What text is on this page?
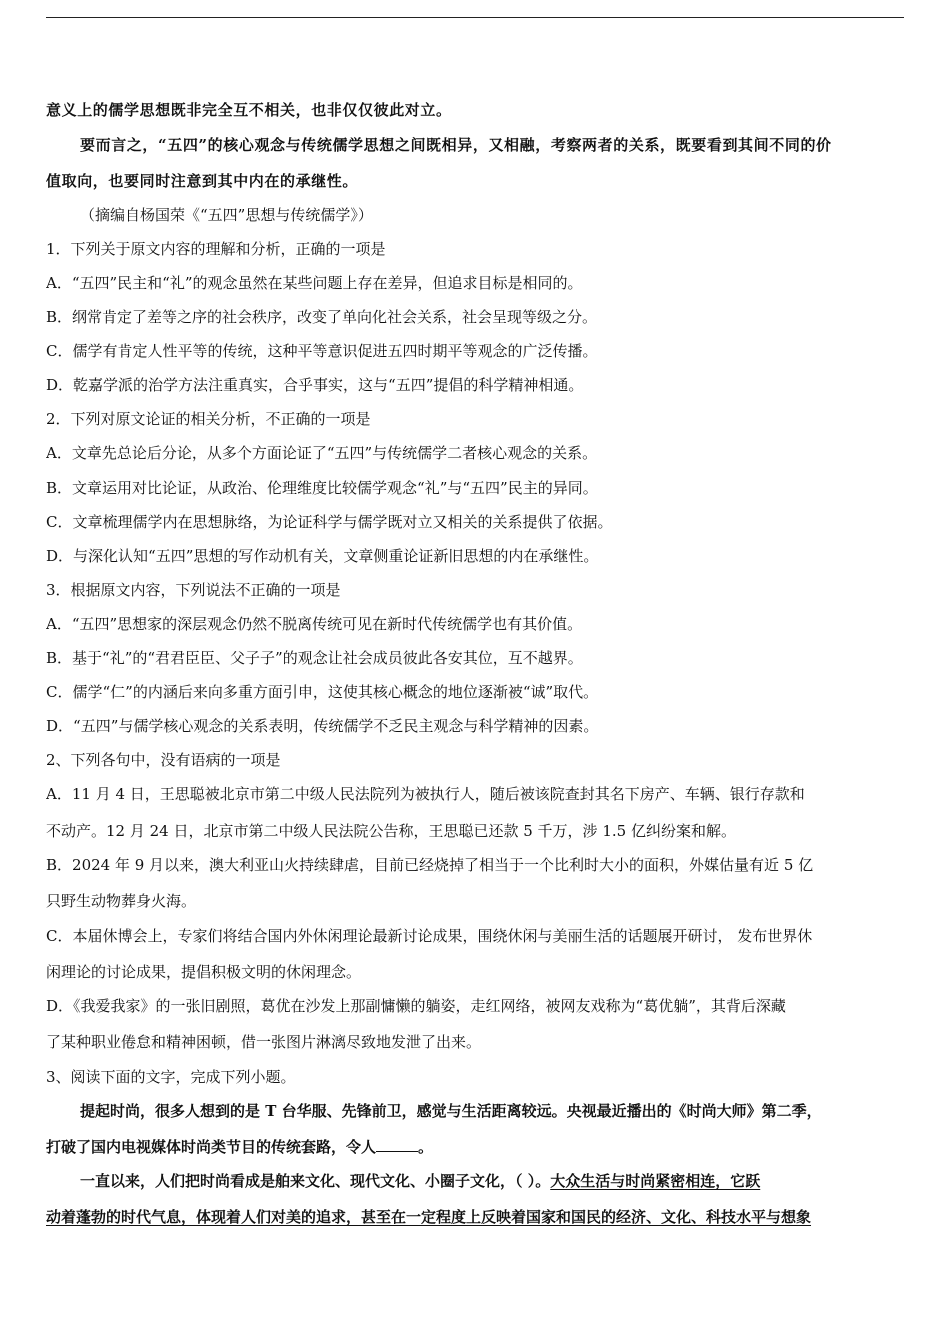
意义上的儒学思想既非完全互不相关，也非仅仅彼此对立。
要而言之，“五四”的核心观念与传统儒学思想之间既相异，又相融，考察两者的关系，既要看到其间不同的价
值取向，也要同时注意到其中内在的承继性。
（摘编自杨国荣《“五四”思想与传统儒学》）
1．下列关于原文内容的理解和分析，正确的一项是
A．“五四”民主和“礼”的观念虽然在某些问题上存在差异，但追求目标是相同的。
B．纲常肯定了差等之序的社会秩序，改变了单向化社会关系，社会呈现等级之分。
C．儒学有肯定人性平等的传统，这种平等意识促进五四时期平等观念的广泛传播。
D．乾嘉学派的治学方法注重真实，合乎事实，这与“五四”提倡的科学精神相通。
2．下列对原文论证的相关分析，不正确的一项是
A．文章先总论后分论，从多个方面论证了“五四”与传统儒学二者核心观念的关系。
B．文章运用对比论证，从政治、伦理维度比较儒学观念“礼”与“五四”民主的异同。
C．文章梳理儒学内在思想脉络，为论证科学与儒学既对立又相关的关系提供了依据。
D．与深化认知“五四”思想的写作动机有关，文章侧重论证新旧思想的内在承继性。
3．根据原文内容，下列说法不正确的一项是
A．“五四”思想家的深层观念仍然不脱离传统可见在新时代传统儒学也有其价值。
B．基于“礼”的“君君臣臣、父子子”的观念让社会成员彼此各安其位，互不越界。
C．儒学“仁”的内涵后来向多重方面引申，这使其核心概念的地位逐渐被“诚”取代。
D．“五四”与儒学核心观念的关系表明，传统儒学不乏民主观念与科学精神的因素。
2、下列各句中，没有语病的一项是
A．11 月 4 日，王思聪被北京市第二中级人民法院列为被执行人，随后被该院查封其名下房产、车辆、银行存款和
不动产。12 月 24 日，北京市第二中级人民法院公告称，王思聪已还款 5 千万，涉 1.5 亿纠纷案和解。
B．2024 年 9 月以来，澳大利亚山火持续肆虐，目前已经烧掉了相当于一个比利时大小的面积，外媒估量有近 5 亿
只野生动物葬身火海。
C．本届休博会上，专家们将结合国内外休闲理论最新讨论成果，围绕休闲与美丽生活的话题展开研讨， 发布世界休
闲理论的讨论成果，提倡积极文明的休闲理念。
D．《我爱我家》的一张旧剧照，葛优在沙发上那副慵懒的躺姿，走红网络，被网友戏称为“葛优躺”，其背后深藏
了某种职业倦怠和精神困顿，借一张图片淋漓尽致地发泄了出来。
3、阅读下面的文字，完成下列小题。
提起时尚，很多人想到的是 T 台华服、先锋前卫，感觉与生活距离较远。央视最近播出的《时尚大师》第二季，
打破了国内电视媒体时尚类节目的传统套路，令人	。
一直以来，人们把时尚看成是舶来文化、现代文化、小圈子文化，（ ）。大众生活与时尚紧密相连，它跃
动着蓬勃的时代气息，体现着人们对美的追求，甚至在一定程度上反映着国家和国民的经济、文化、科技水平与想象
